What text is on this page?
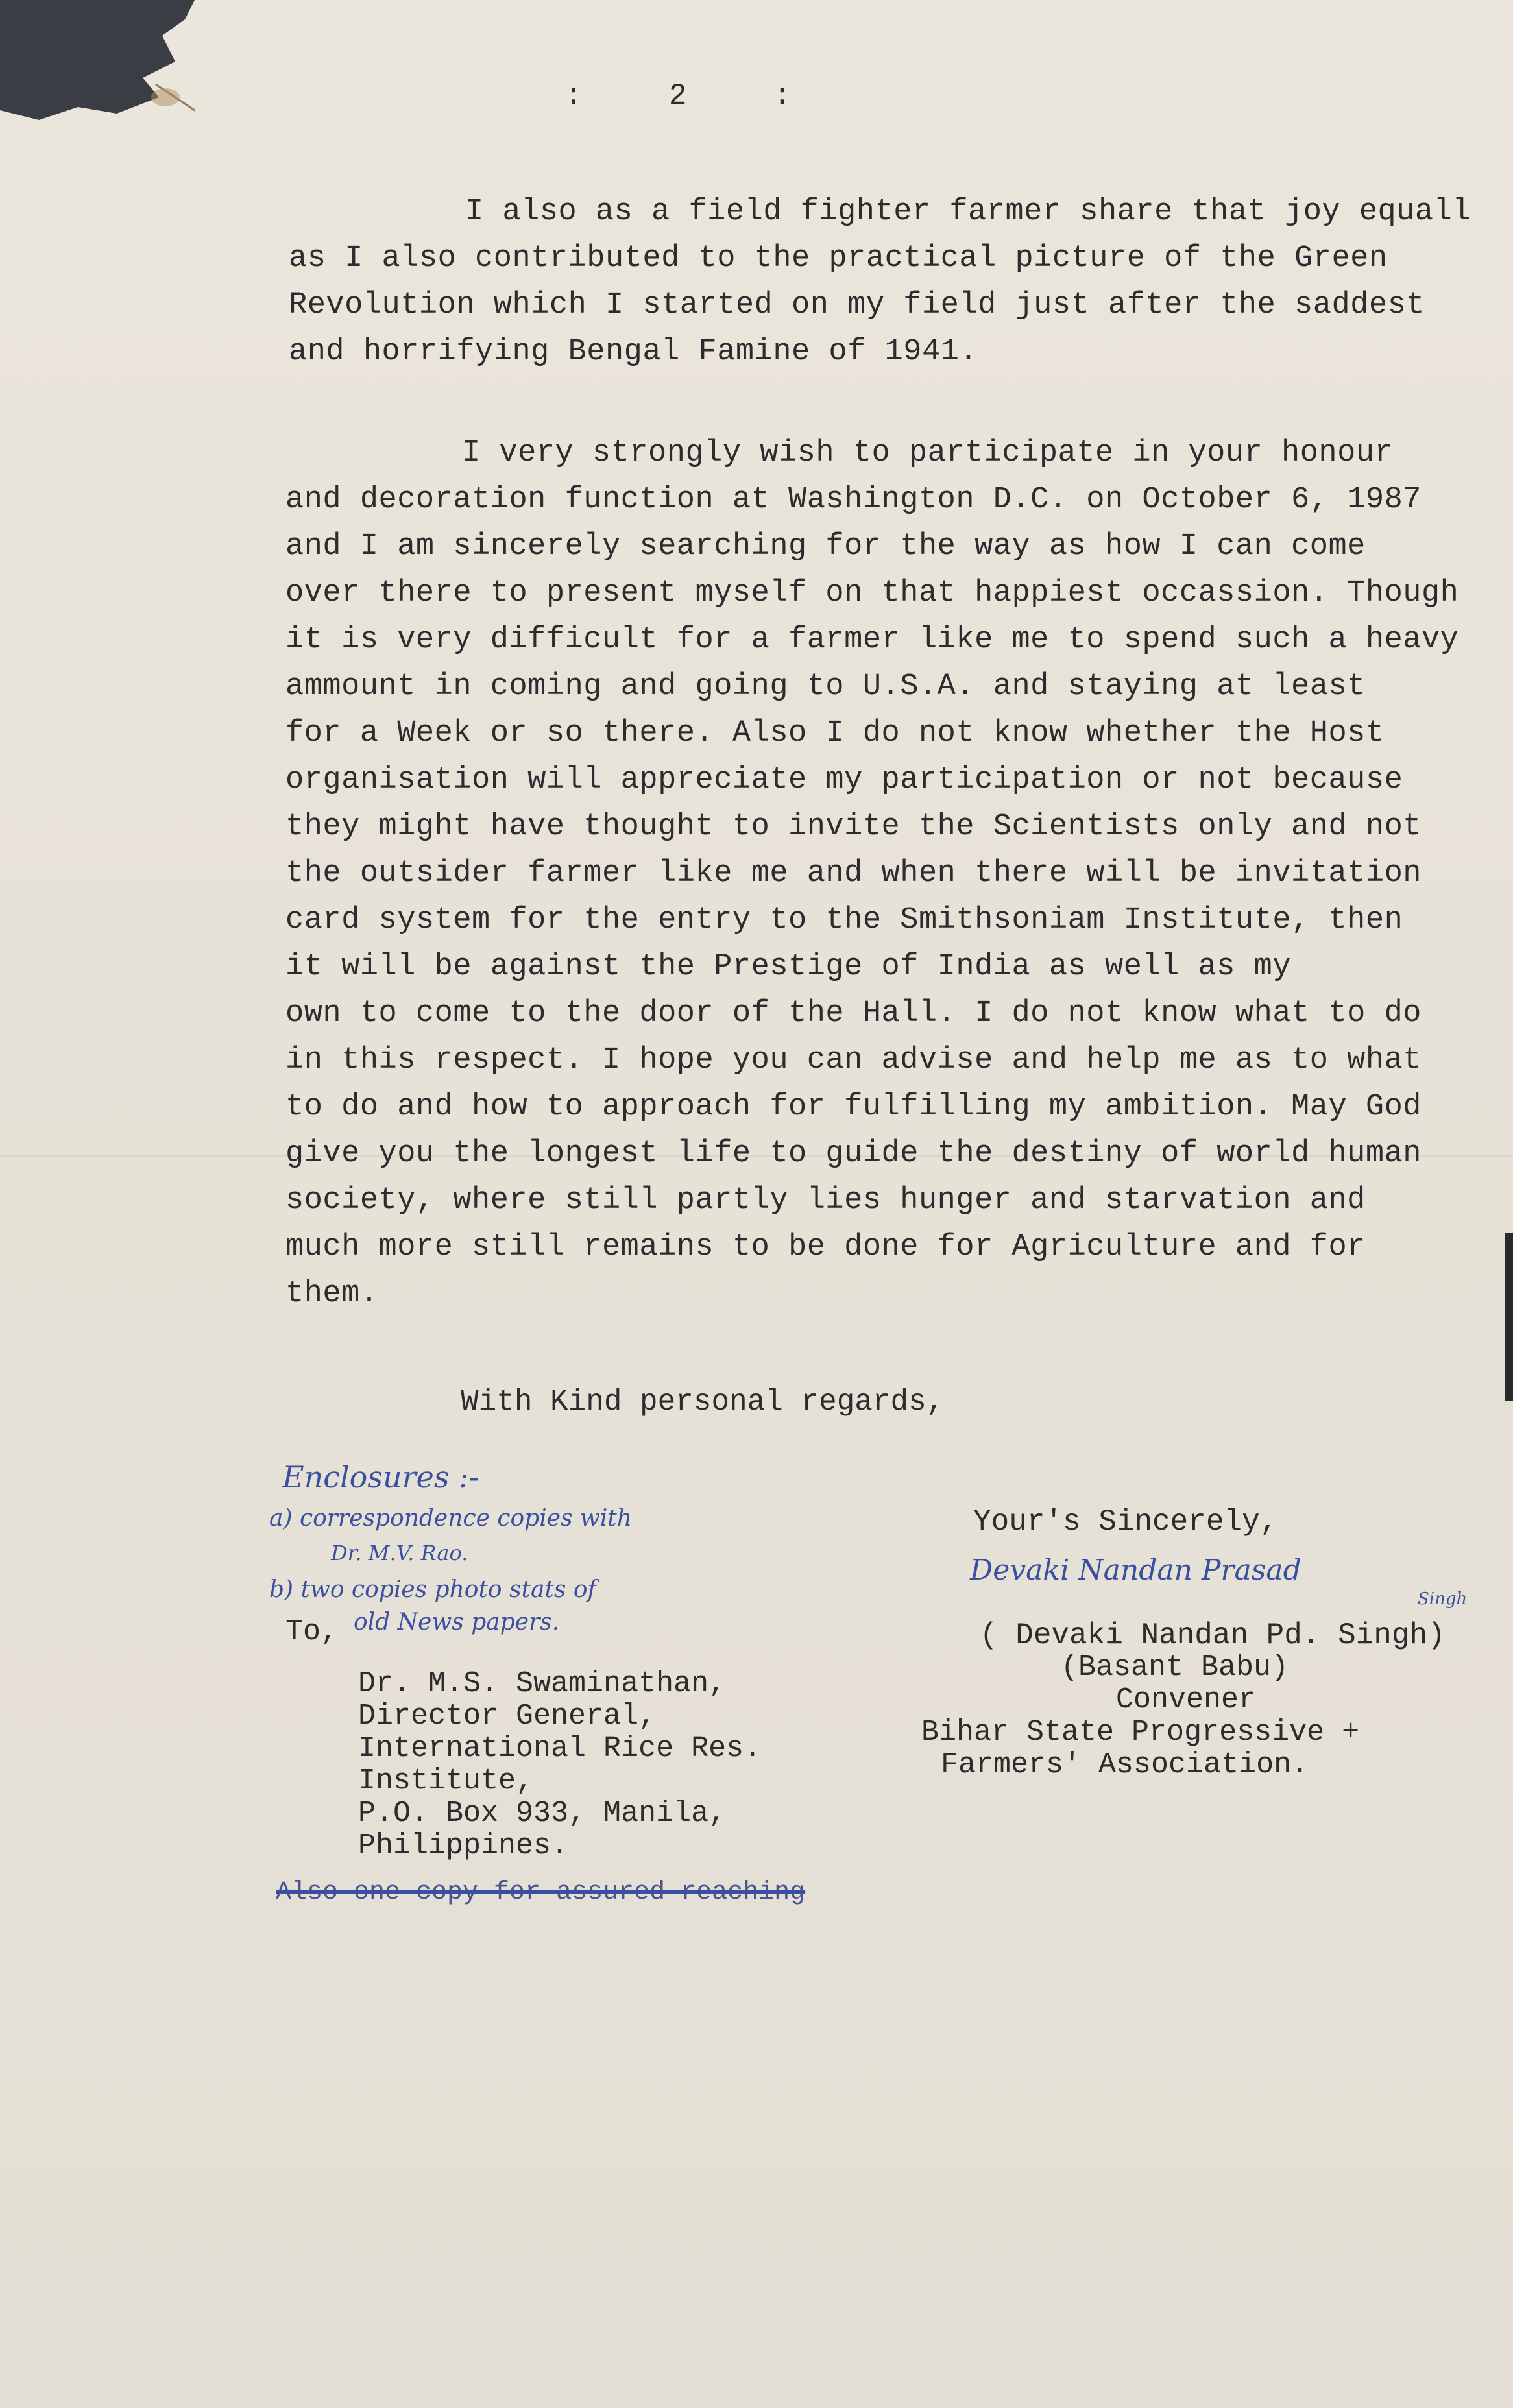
:  2  :
I also as a field fighter farmer share that joy equall
as I also contributed to the practical picture of the Green
Revolution which I started on my field just after the saddest
and horrifying Bengal Famine of 1941.
I very strongly wish to participate in your honour
and decoration function at Washington D.C. on October 6, 1987
and I am sincerely searching for the way as how I can come
over there to present myself on that happiest occassion. Though
it is very difficult for a farmer like me to spend such a heavy
ammount in coming and going to U.S.A. and staying at least
for a Week or so there. Also I do not know whether the Host
organisation will appreciate my participation or not because
they might have thought to invite the Scientists only and not
the outsider farmer like me and when there will be invitation
card system for the entry to the Smithsoniam Institute, then
it will be against the Prestige of India as well as my
own to come to the door of the Hall. I do not know what to do
in this respect. I hope you can advise and help me as to what
to do and how to approach for fulfilling my ambition. May God
give you the longest life to guide the destiny of world human
society, where still partly lies hunger and starvation and
much more still remains to be done for Agriculture and for
them.
With Kind personal regards,
Enclosures :-
a) correspondence copies with
Dr. M.V. Rao.
b) two copies photo stats of
old News papers.
To,
Dr. M.S. Swaminathan,
Director General,
International Rice Res.
Institute,
P.O. Box 933, Manila,
Philippines.
Your's Sincerely,
Devaki Nandan Prasad
Singh
( Devaki Nandan Pd. Singh)
(Basant Babu)
Convener
Bihar State Progressive +
Farmers' Association.
Also one copy for assured reaching
